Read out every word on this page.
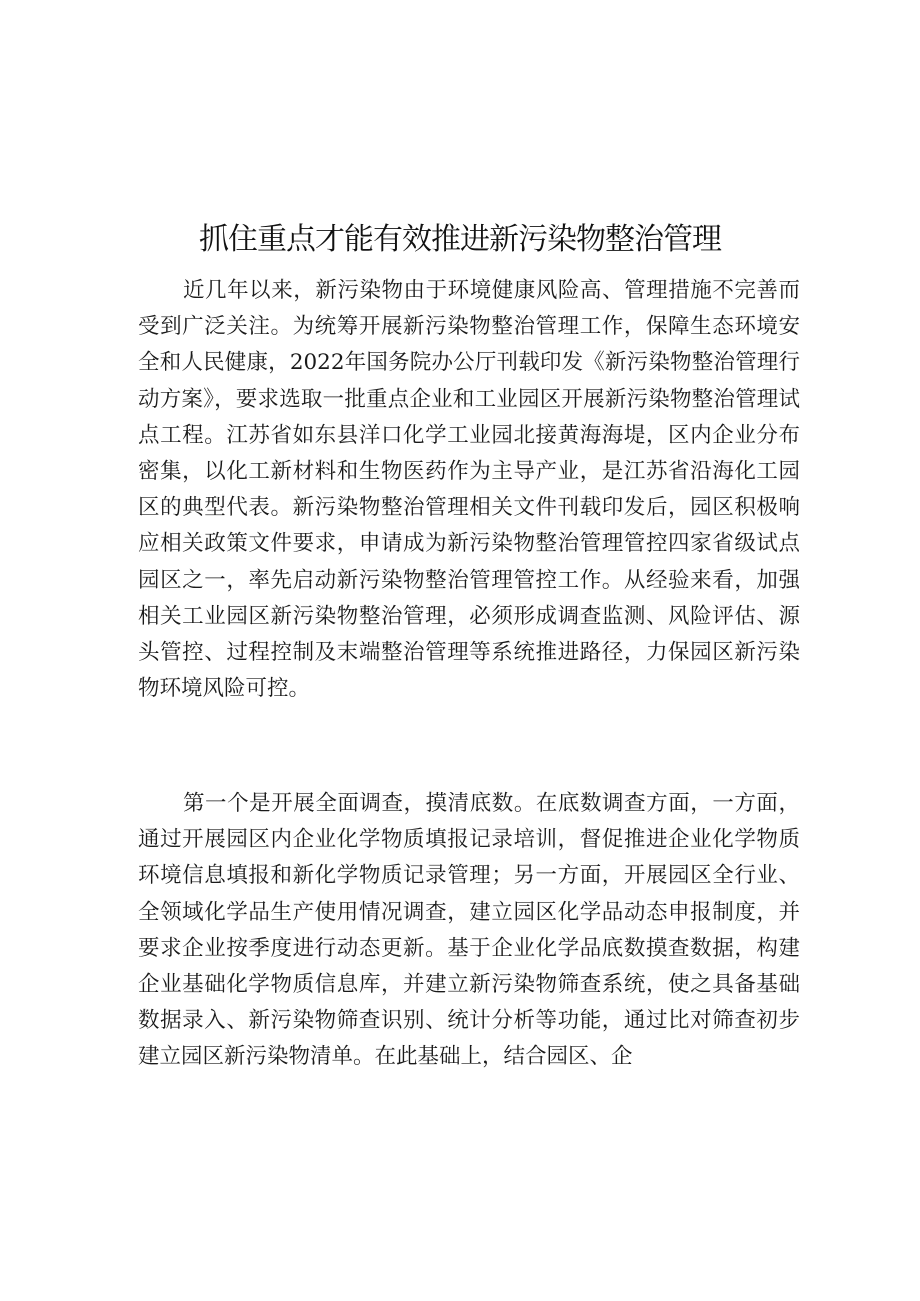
抓住重点才能有效推进新污染物整治管理

近几年以来，新污染物由于环境健康风险高、管理措施不完善而受到广泛关注。为统筹开展新污染物整治管理工作，保障生态环境安全和人民健康，2022年国务院办公厅刊载印发《新污染物整治管理行动方案》，要求选取一批重点企业和工业园区开展新污染物整治管理试点工程。江苏省如东县洋口化学工业园北接黄海海堤，区内企业分布密集，以化工新材料和生物医药作为主导产业，是江苏省沿海化工园区的典型代表。新污染物整治管理相关文件刊载印发后，园区积极响应相关政策文件要求，申请成为新污染物整治管理管控四家省级试点园区之一，率先启动新污染物整治管理管控工作。从经验来看，加强相关工业园区新污染物整治管理，必须形成调查监测、风险评估、源头管控、过程控制及末端整治管理等系统推进路径，力保园区新污染物环境风险可控。

第一个是开展全面调查，摸清底数。在底数调查方面，一方面，通过开展园区内企业化学物质填报记录培训，督促推进企业化学物质环境信息填报和新化学物质记录管理；另一方面，开展园区全行业、全领域化学品生产使用情况调查，建立园区化学品动态申报制度，并要求企业按季度进行动态更新。基于企业化学品底数摸查数据，构建企业基础化学物质信息库，并建立新污染物筛查系统，使之具备基础数据录入、新污染物筛查识别、统计分析等功能，通过比对筛查初步建立园区新污染物清单。在此基础上，结合园区、企
